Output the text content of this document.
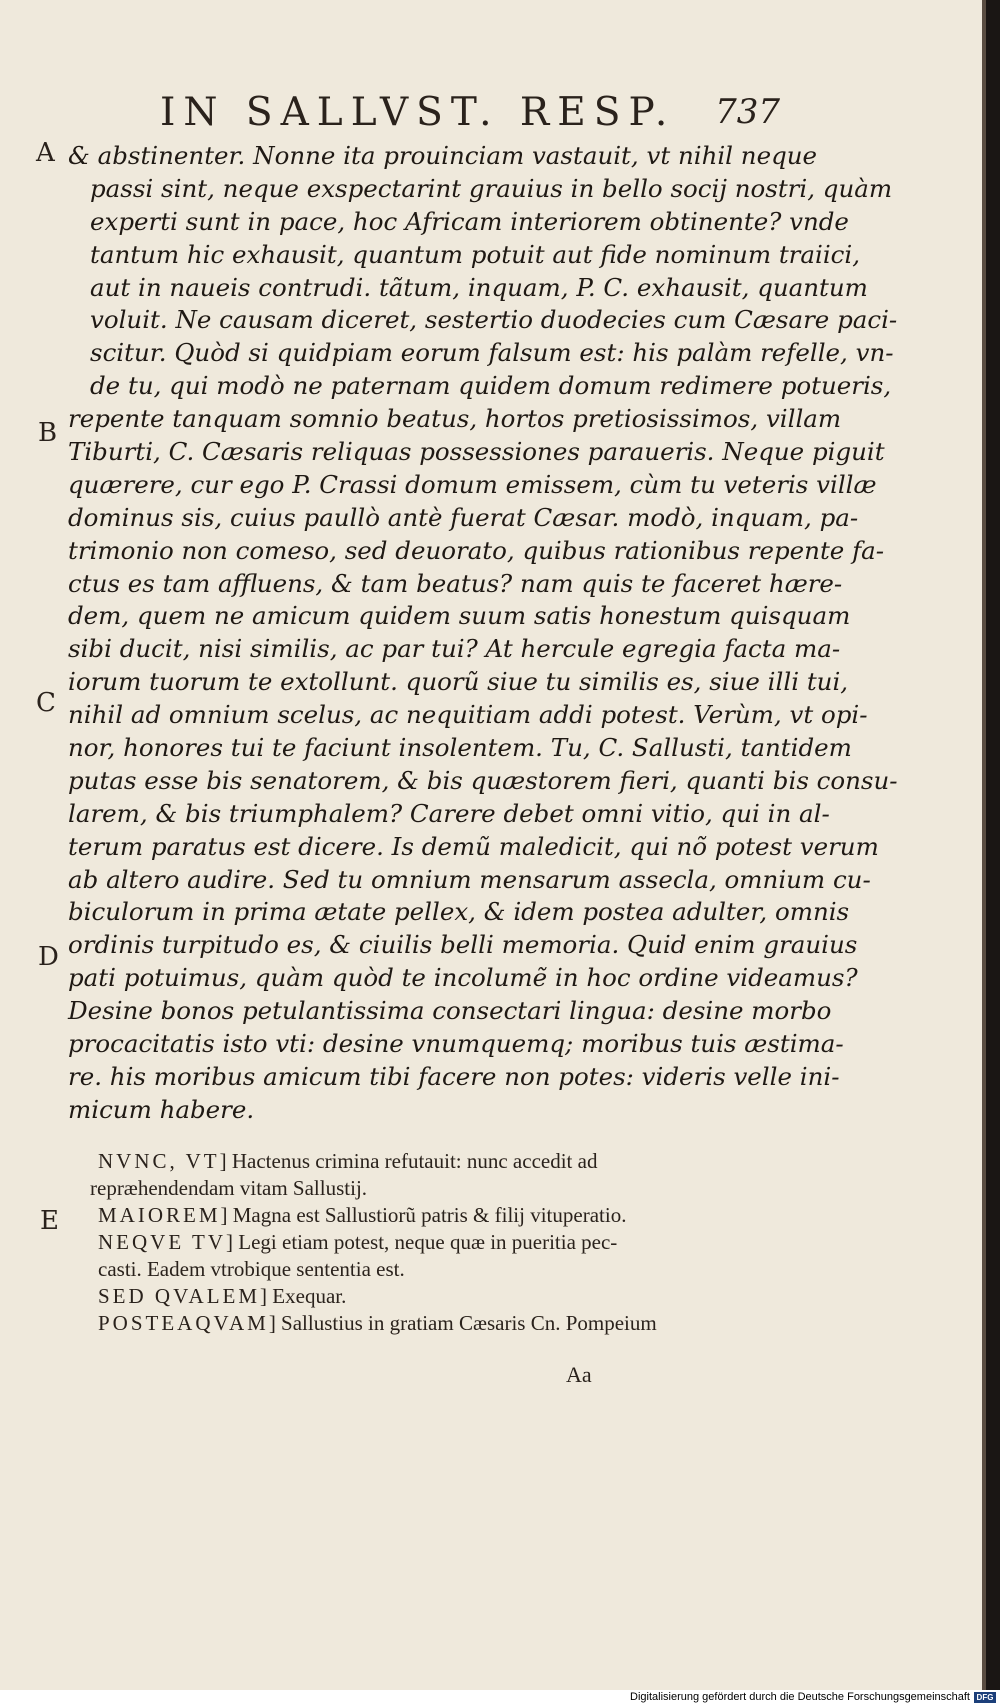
IN SALLVST. RESP. 737
A
B
C
D
E
& abstinenter. Nonne ita prouinciam vastauit, vt nihil neque
passi sint, neque exspectarint grauius in bello socij nostri, quàm
experti sunt in pace, hoc Africam interiorem obtinente? vnde
tantum hic exhausit, quantum potuit aut fide nominum traiici,
aut in naueis contrudi. tãtum, inquam, P. C. exhausit, quantum
voluit. Ne causam diceret, sestertio duodecies cum Cæsare paci-
scitur. Quòd si quidpiam eorum falsum est: his palàm refelle, vn-
de tu, qui modò ne paternam quidem domum redimere potueris,
repente tanquam somnio beatus, hortos pretiosissimos, villam
Tiburti, C. Cæsaris reliquas possessiones paraueris. Neque piguit
quærere, cur ego P. Crassi domum emissem, cùm tu veteris villæ
dominus sis, cuius paullò antè fuerat Cæsar. modò, inquam, pa-
trimonio non comeso, sed deuorato, quibus rationibus repente fa-
ctus es tam affluens, & tam beatus? nam quis te faceret hære-
dem, quem ne amicum quidem suum satis honestum quisquam
sibi ducit, nisi similis, ac par tui? At hercule egregia facta ma-
iorum tuorum te extollunt. quorũ siue tu similis es, siue illi tui,
nihil ad omnium scelus, ac nequitiam addi potest. Verùm, vt opi-
nor, honores tui te faciunt insolentem. Tu, C. Sallusti, tantidem
putas esse bis senatorem, & bis quæstorem fieri, quanti bis consu-
larem, & bis triumphalem? Carere debet omni vitio, qui in al-
terum paratus est dicere. Is demũ maledicit, qui nõ potest verum
ab altero audire. Sed tu omnium mensarum assecla, omnium cu-
biculorum in prima ætate pellex, & idem postea adulter, omnis
ordinis turpitudo es, & ciuilis belli memoria. Quid enim grauius
pati potuimus, quàm quòd te incolumẽ in hoc ordine videamus?
Desine bonos petulantissima consectari lingua: desine morbo
procacitatis isto vti: desine vnumquemq; moribus tuis æstima-
re. his moribus amicum tibi facere non potes: videris velle ini-
micum habere.
NVNC, VT] Hactenus crimina refutauit: nunc accedit ad
repræhendendam vitam Sallustij.
MAIOREM] Magna est Sallustiorũ patris & filij vituperatio.
NEQVE TV] Legi etiam potest, neque quæ in pueritia pec-
casti. Eadem vtrobique sententia est.
SED QVALEM] Exequar.
POSTEAQVAM] Sallustius in gratiam Cæsaris Cn. Pompeium
Aa
Digitalisierung gefördert durch die Deutsche Forschungsgemeinschaft DFG
